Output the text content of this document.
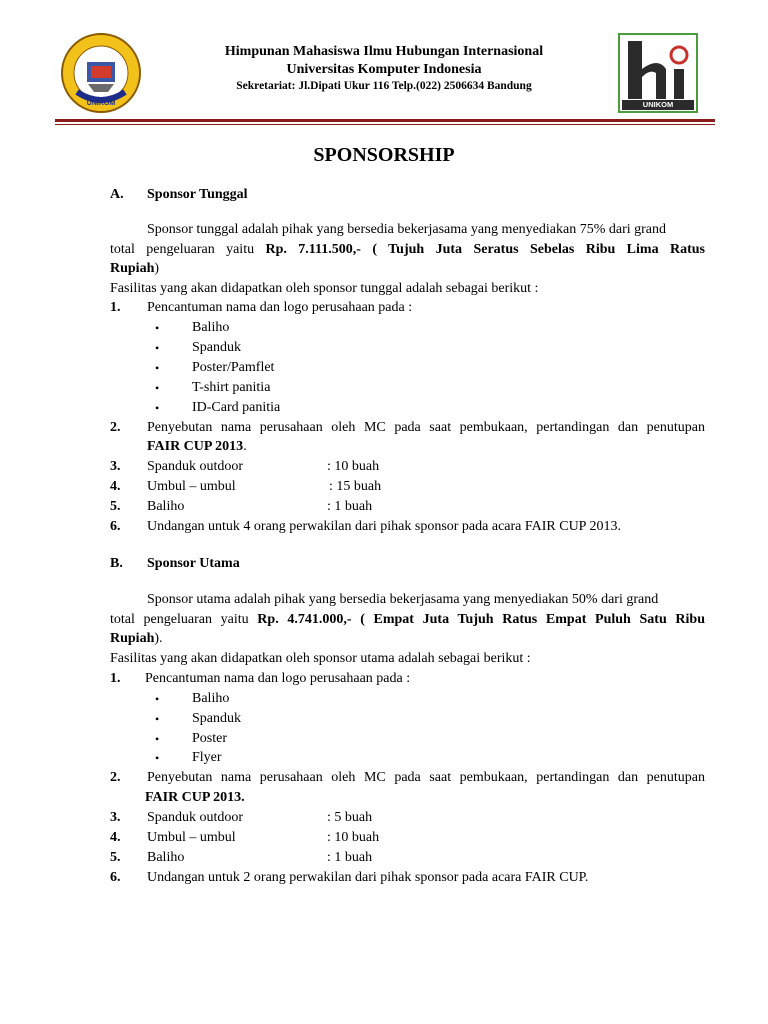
UNIKOM	UNIKOM
Himpunan Mahasiswa Ilmu Hubungan Internasional
Universitas Komputer Indonesia
Sekretariat: Jl.Dipati Ukur 116 Telp.(022) 2506634 Bandung
SPONSORSHIP
A. Sponsor Tunggal
Sponsor tunggal adalah pihak yang bersedia bekerjasama yang menyediakan 75% dari grand
total pengeluaran yaitu Rp. 7.111.500,- ( Tujuh Juta Seratus Sebelas Ribu Lima Ratus
Rupiah)
Fasilitas yang akan didapatkan oleh sponsor tunggal adalah sebagai berikut :
1. Pencantuman nama dan logo perusahaan pada :
• Baliho
• Spanduk
• Poster/Pamflet
• T-shirt panitia
• ID-Card panitia
2. Penyebutan nama perusahaan oleh MC pada saat pembukaan, pertandingan dan penutupan
FAIR CUP 2013.
3. Spanduk outdoor	: 10 buah
4. Umbul – umbul	: 15 buah
5. Baliho	: 1 buah
6. Undangan untuk 4 orang perwakilan dari pihak sponsor pada acara FAIR CUP 2013.
B. Sponsor Utama
Sponsor utama adalah pihak yang bersedia bekerjasama yang menyediakan 50% dari grand
total pengeluaran yaitu Rp. 4.741.000,- ( Empat Juta Tujuh Ratus Empat Puluh Satu Ribu
Rupiah).
Fasilitas yang akan didapatkan oleh sponsor utama adalah sebagai berikut :
1. Pencantuman nama dan logo perusahaan pada :
• Baliho
• Spanduk
• Poster
• Flyer
2. Penyebutan nama perusahaan oleh MC pada saat pembukaan, pertandingan dan penutupan
FAIR CUP 2013.
3. Spanduk outdoor	: 5 buah
4. Umbul – umbul	: 10 buah
5. Baliho	: 1 buah
6. Undangan untuk 2 orang perwakilan dari pihak sponsor pada acara FAIR CUP.
